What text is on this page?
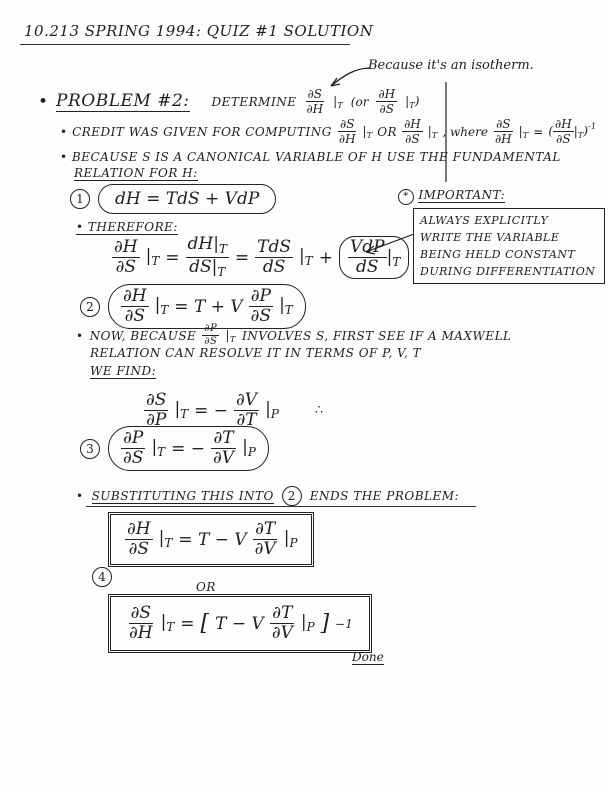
10.213 SPRING 1994: QUIZ #1 SOLUTION
Because it's an isotherm.
• PROBLEM #2: DETERMINE $\frac{\partial S}{\partial H} |_T$ $(or \frac{\partial H}{\partial S} |_T)$
• CREDIT WAS GIVEN FOR COMPUTING $\frac{\partial S}{\partial H} |_T$ OR $\frac{\partial H}{\partial S} |_T$ , where $\frac{\partial S}{\partial H} |_T$ = ( $\frac{\partial H}{\partial S} |_T)^{-1}$
• BECAUSE S IS A CANONICAL VARIABLE OF H USE THE FUNDAMENTAL
RELATION FOR H:
1	dH = TdS + VdP	* IMPORTANT:
ALWAYS EXPLICITLY
WRITE THE VARIABLE
BEING HELD CONSTANT
DURING DIFFERENTIATION
• THEREFORE:
$\frac{\partial H}{\partial S} |_T = \frac{dH|_T}{dS|_T} = \frac{\text{TdS}}{dS} |_T + \frac{\text{VdP}}{dS} |_T$
2	$\frac{\partial H}{\partial S} |_T = T + V \frac{\partial P}{\partial S} |_T$
• NOW, BECAUSE $\frac{\partial P}{\partial S} |_T$ INVOLVES S, FIRST SEE IF A MAXWELL
RELATION CAN RESOLVE IT IN TERMS OF P, V, T
WE FIND:
$\frac{\partial S}{\partial P} |_T$ = − $\frac{\partial V}{\partial T} |_P$	∴
3	$\frac{\partial P}{\partial S} |_T$ = − $\frac{\partial T}{\partial V} |_P$
• SUBSTITUTING THIS INTO	2	ENDS THE PROBLEM:
$\frac{\partial H}{\partial S} |_T = T - V \frac{\partial T}{\partial V} |_P$
4
OR
$\frac{\partial S}{\partial H} |_T$ = [ T − V $\frac{\partial T}{\partial V} |_P$ ] −1
Done
